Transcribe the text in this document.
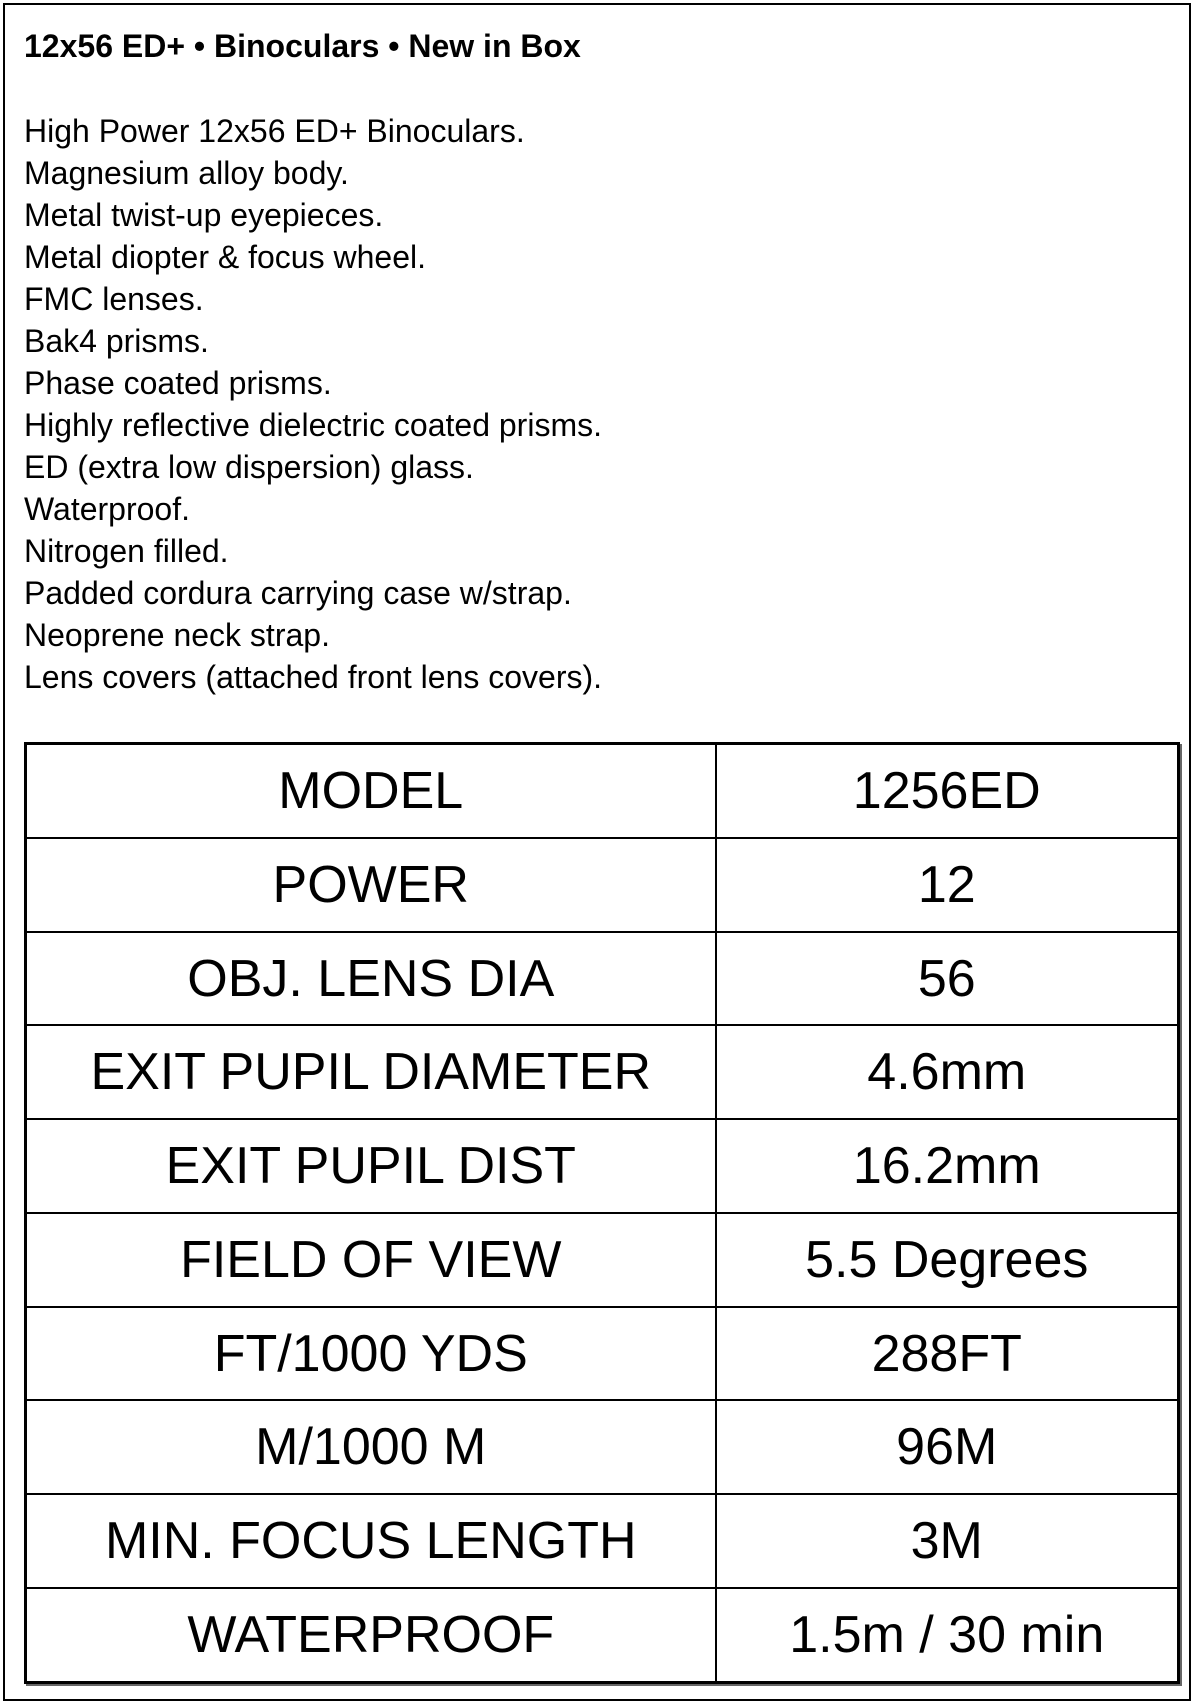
12x56 ED+ • Binoculars • New in Box
High Power 12x56 ED+ Binoculars.
Magnesium alloy body.
Metal twist-up eyepieces.
Metal diopter & focus wheel.
FMC lenses.
Bak4 prisms.
Phase coated prisms.
Highly reflective dielectric coated prisms.
ED (extra low dispersion) glass.
Waterproof.
Nitrogen filled.
Padded cordura carrying case w/strap.
Neoprene neck strap.
Lens covers (attached front lens covers).
MODEL	1256ED
POWER	12
OBJ. LENS DIA	56
EXIT PUPIL DIAMETER	4.6mm
EXIT PUPIL DIST	16.2mm
FIELD OF VIEW	5.5 Degrees
FT/1000 YDS	288FT
M/1000 M	96M
MIN. FOCUS LENGTH	3M
WATERPROOF	1.5m / 30 min
